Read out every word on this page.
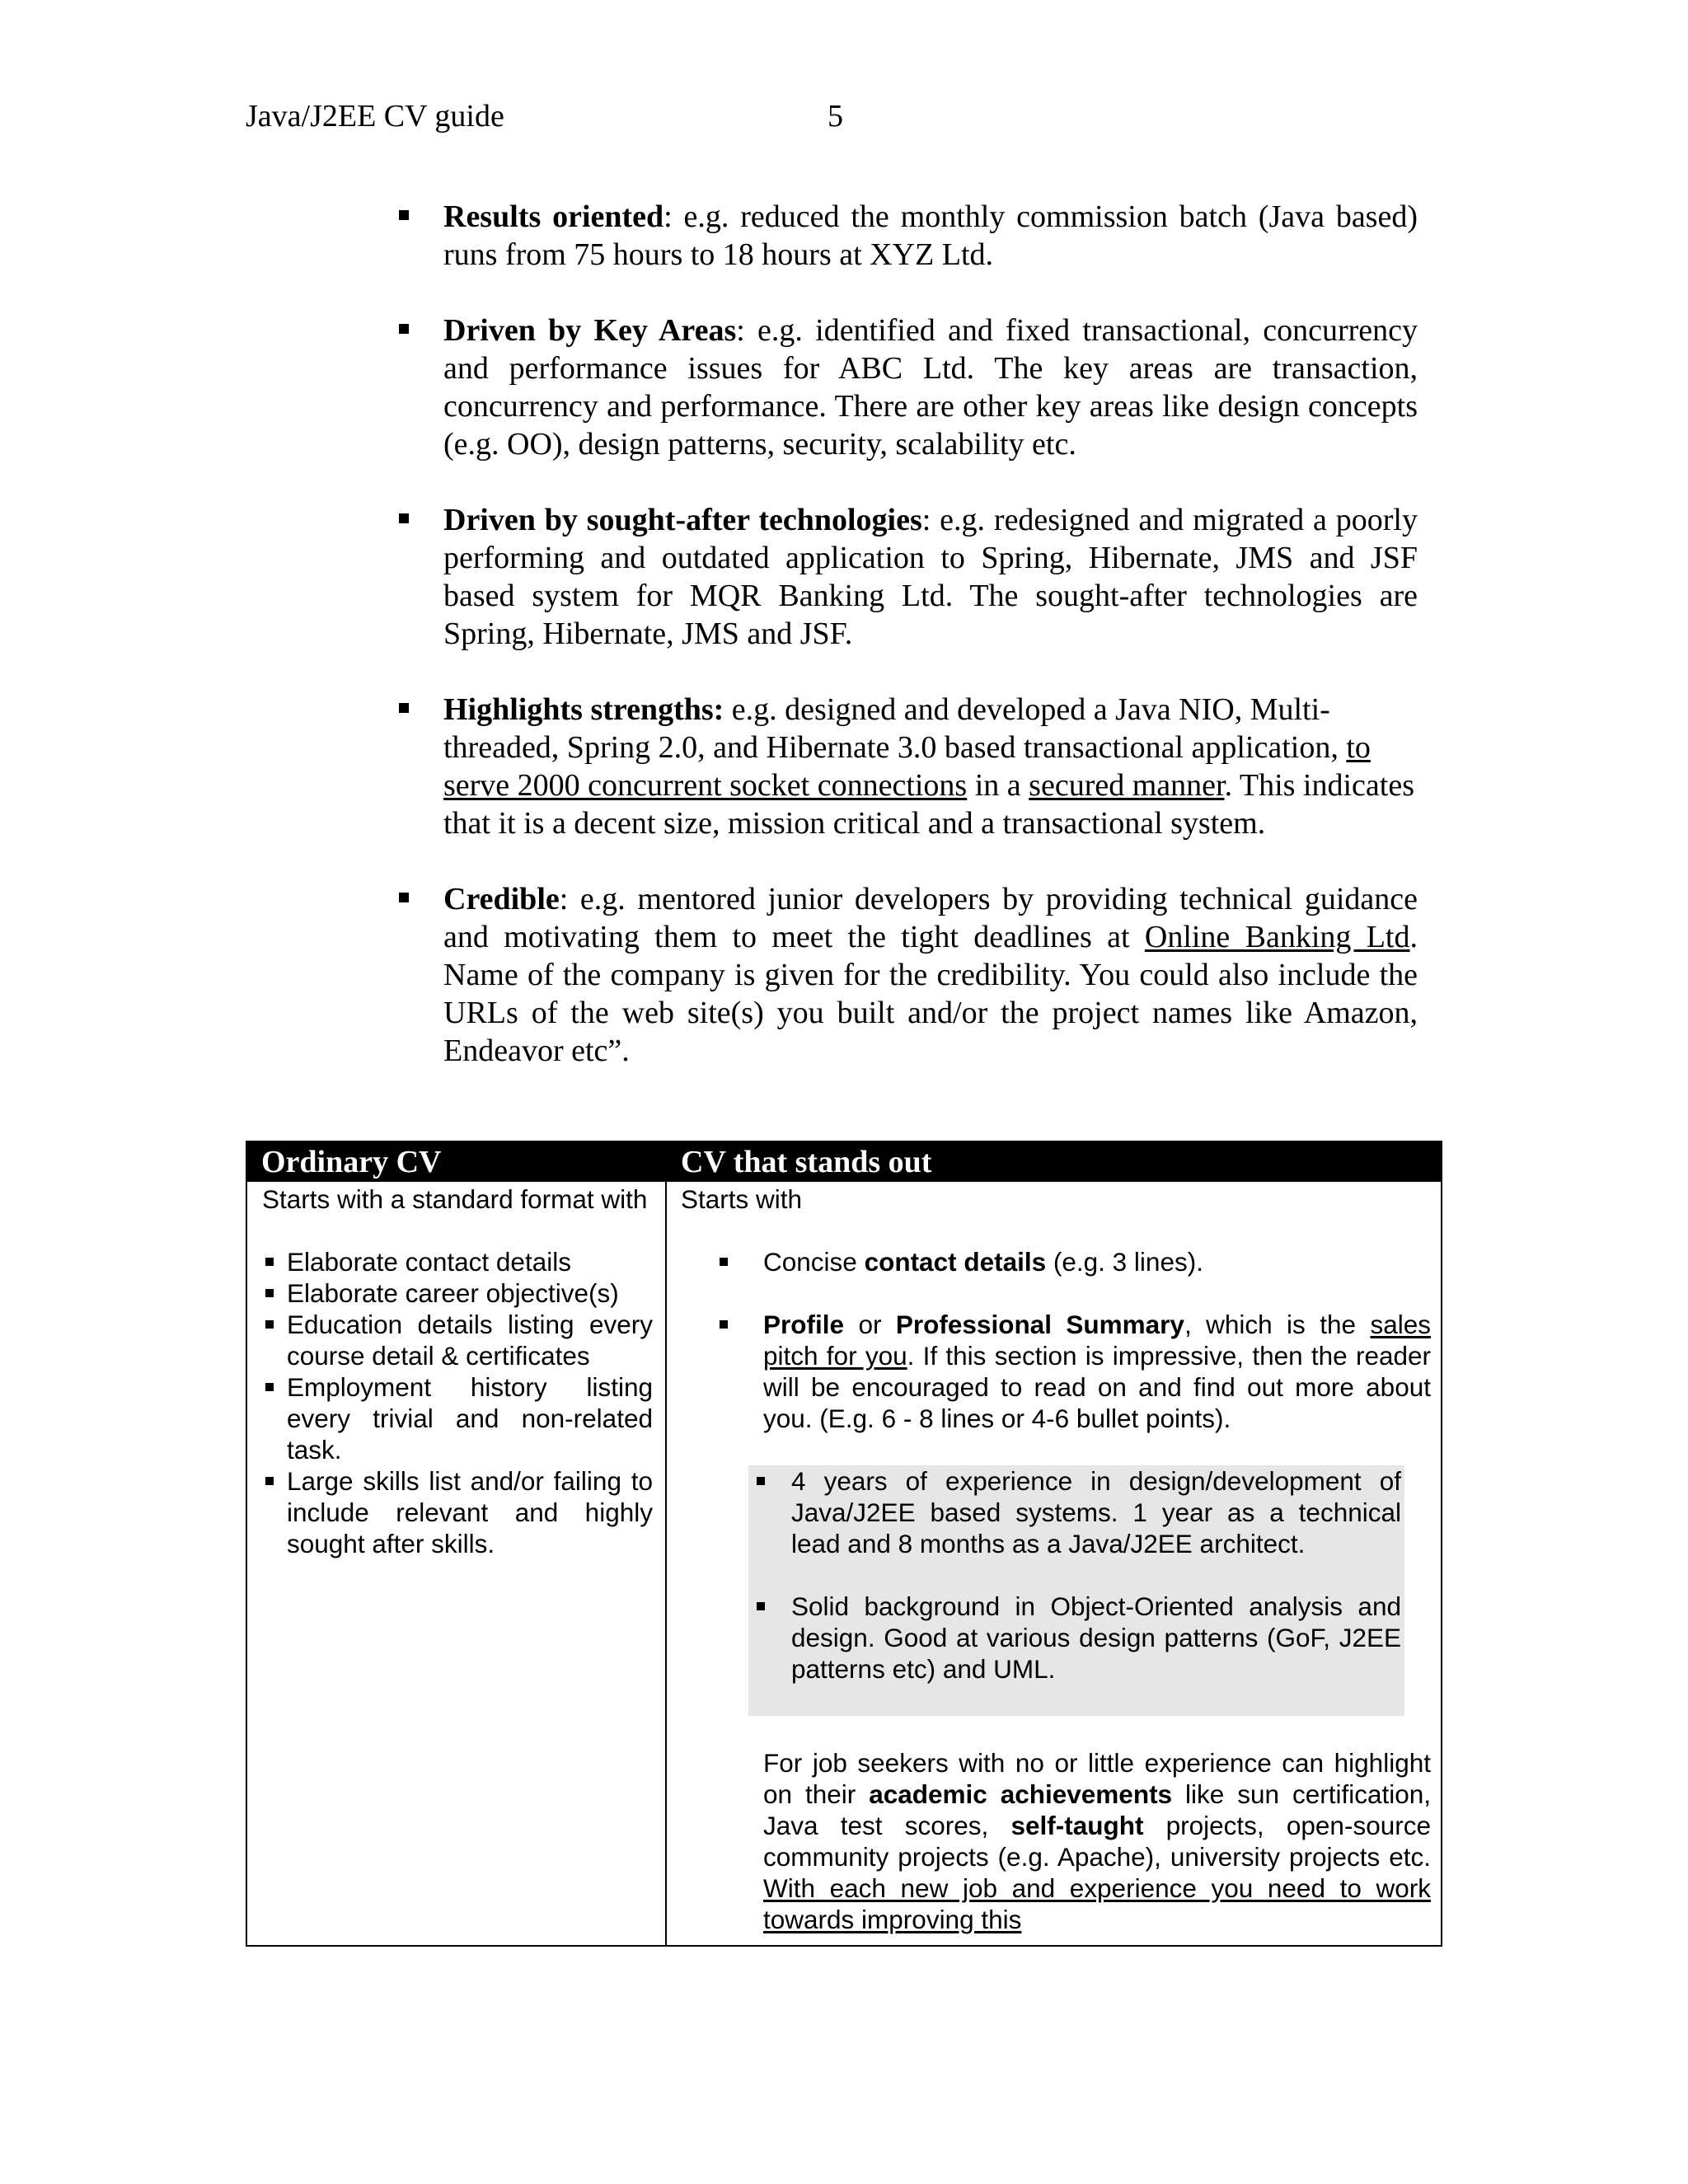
Java/J2EE CV guide	5
Results oriented: e.g. reduced the monthly commission batch (Java based) runs from 75 hours to 18 hours at XYZ Ltd.
Driven by Key Areas: e.g. identified and fixed transactional, concurrency and performance issues for ABC Ltd. The key areas are transaction, concurrency and performance. There are other key areas like design concepts (e.g. OO), design patterns, security, scalability etc.
Driven by sought-after technologies: e.g. redesigned and migrated a poorly performing and outdated application to Spring, Hibernate, JMS and JSF based system for MQR Banking Ltd. The sought-after technologies are Spring, Hibernate, JMS and JSF.
Highlights strengths: e.g. designed and developed a Java NIO, Multi-threaded, Spring 2.0, and Hibernate 3.0 based transactional application, to serve 2000 concurrent socket connections in a secured manner. This indicates that it is a decent size, mission critical and a transactional system.
Credible: e.g. mentored junior developers by providing technical guidance and motivating them to meet the tight deadlines at Online Banking Ltd. Name of the company is given for the credibility. You could also include the URLs of the web site(s) you built and/or the project names like Amazon, Endeavor etc”.
Ordinary CV	CV that stands out

Starts with a standard format with

Elaborate contact details
Elaborate career objective(s)
Education details listing every course detail & certificates
Employment history listing every trivial and non-related task.
Large skills list and/or failing to include relevant and highly sought after skills.

Starts with

Concise contact details (e.g. 3 lines).
Profile or Professional Summary, which is the sales pitch for you. If this section is impressive, then the reader will be encouraged to read on and find out more about you. (E.g. 6 - 8 lines or 4-6 bullet points).
4 years of experience in design/development of Java/J2EE based systems. 1 year as a technical lead and 8 months as a Java/J2EE architect.
Solid background in Object-Oriented analysis and design. Good at various design patterns (GoF, J2EE patterns etc) and UML.

For job seekers with no or little experience can highlight on their academic achievements like sun certification, Java test scores, self-taught projects, open-source community projects (e.g. Apache), university projects etc. With each new job and experience you need to work towards improving this
